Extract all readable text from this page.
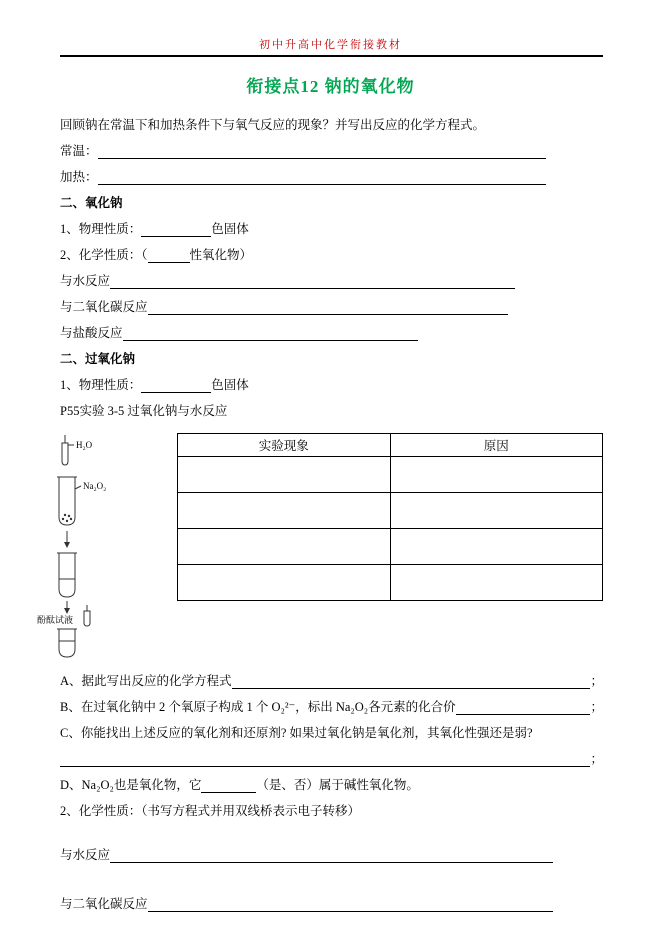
初中升高中化学衔接教材
衔接点12 钠的氧化物
回顾钠在常温下和加热条件下与氧气反应的现象？并写出反应的化学方程式。
常温：
加热：
二、氧化钠
1、物理性质：	色固体
2、化学性质：（	性氧化物）
与水反应
与二氧化碳反应
与盐酸反应
二、过氧化钠
1、物理性质：	色固体
P55实验 3-5 过氧化钠与水反应
H₂O
Na₂O₂
酚酞试液
实验现象	原因

A、据此写出反应的化学方程式	；
B、在过氧化钠中 2 个氧原子构成 1 个 O₂²⁻，标出 Na₂O₂各元素的化合价	；
C、你能找出上述反应的氧化剂和还原剂? 如果过氧化钠是氧化剂，其氧化性强还是弱?
；
D、Na₂O₂也是氧化物，它	（是、否）属于碱性氧化物。
2、化学性质：（书写方程式并用双线桥表示电子转移）
与水反应
与二氧化碳反应
